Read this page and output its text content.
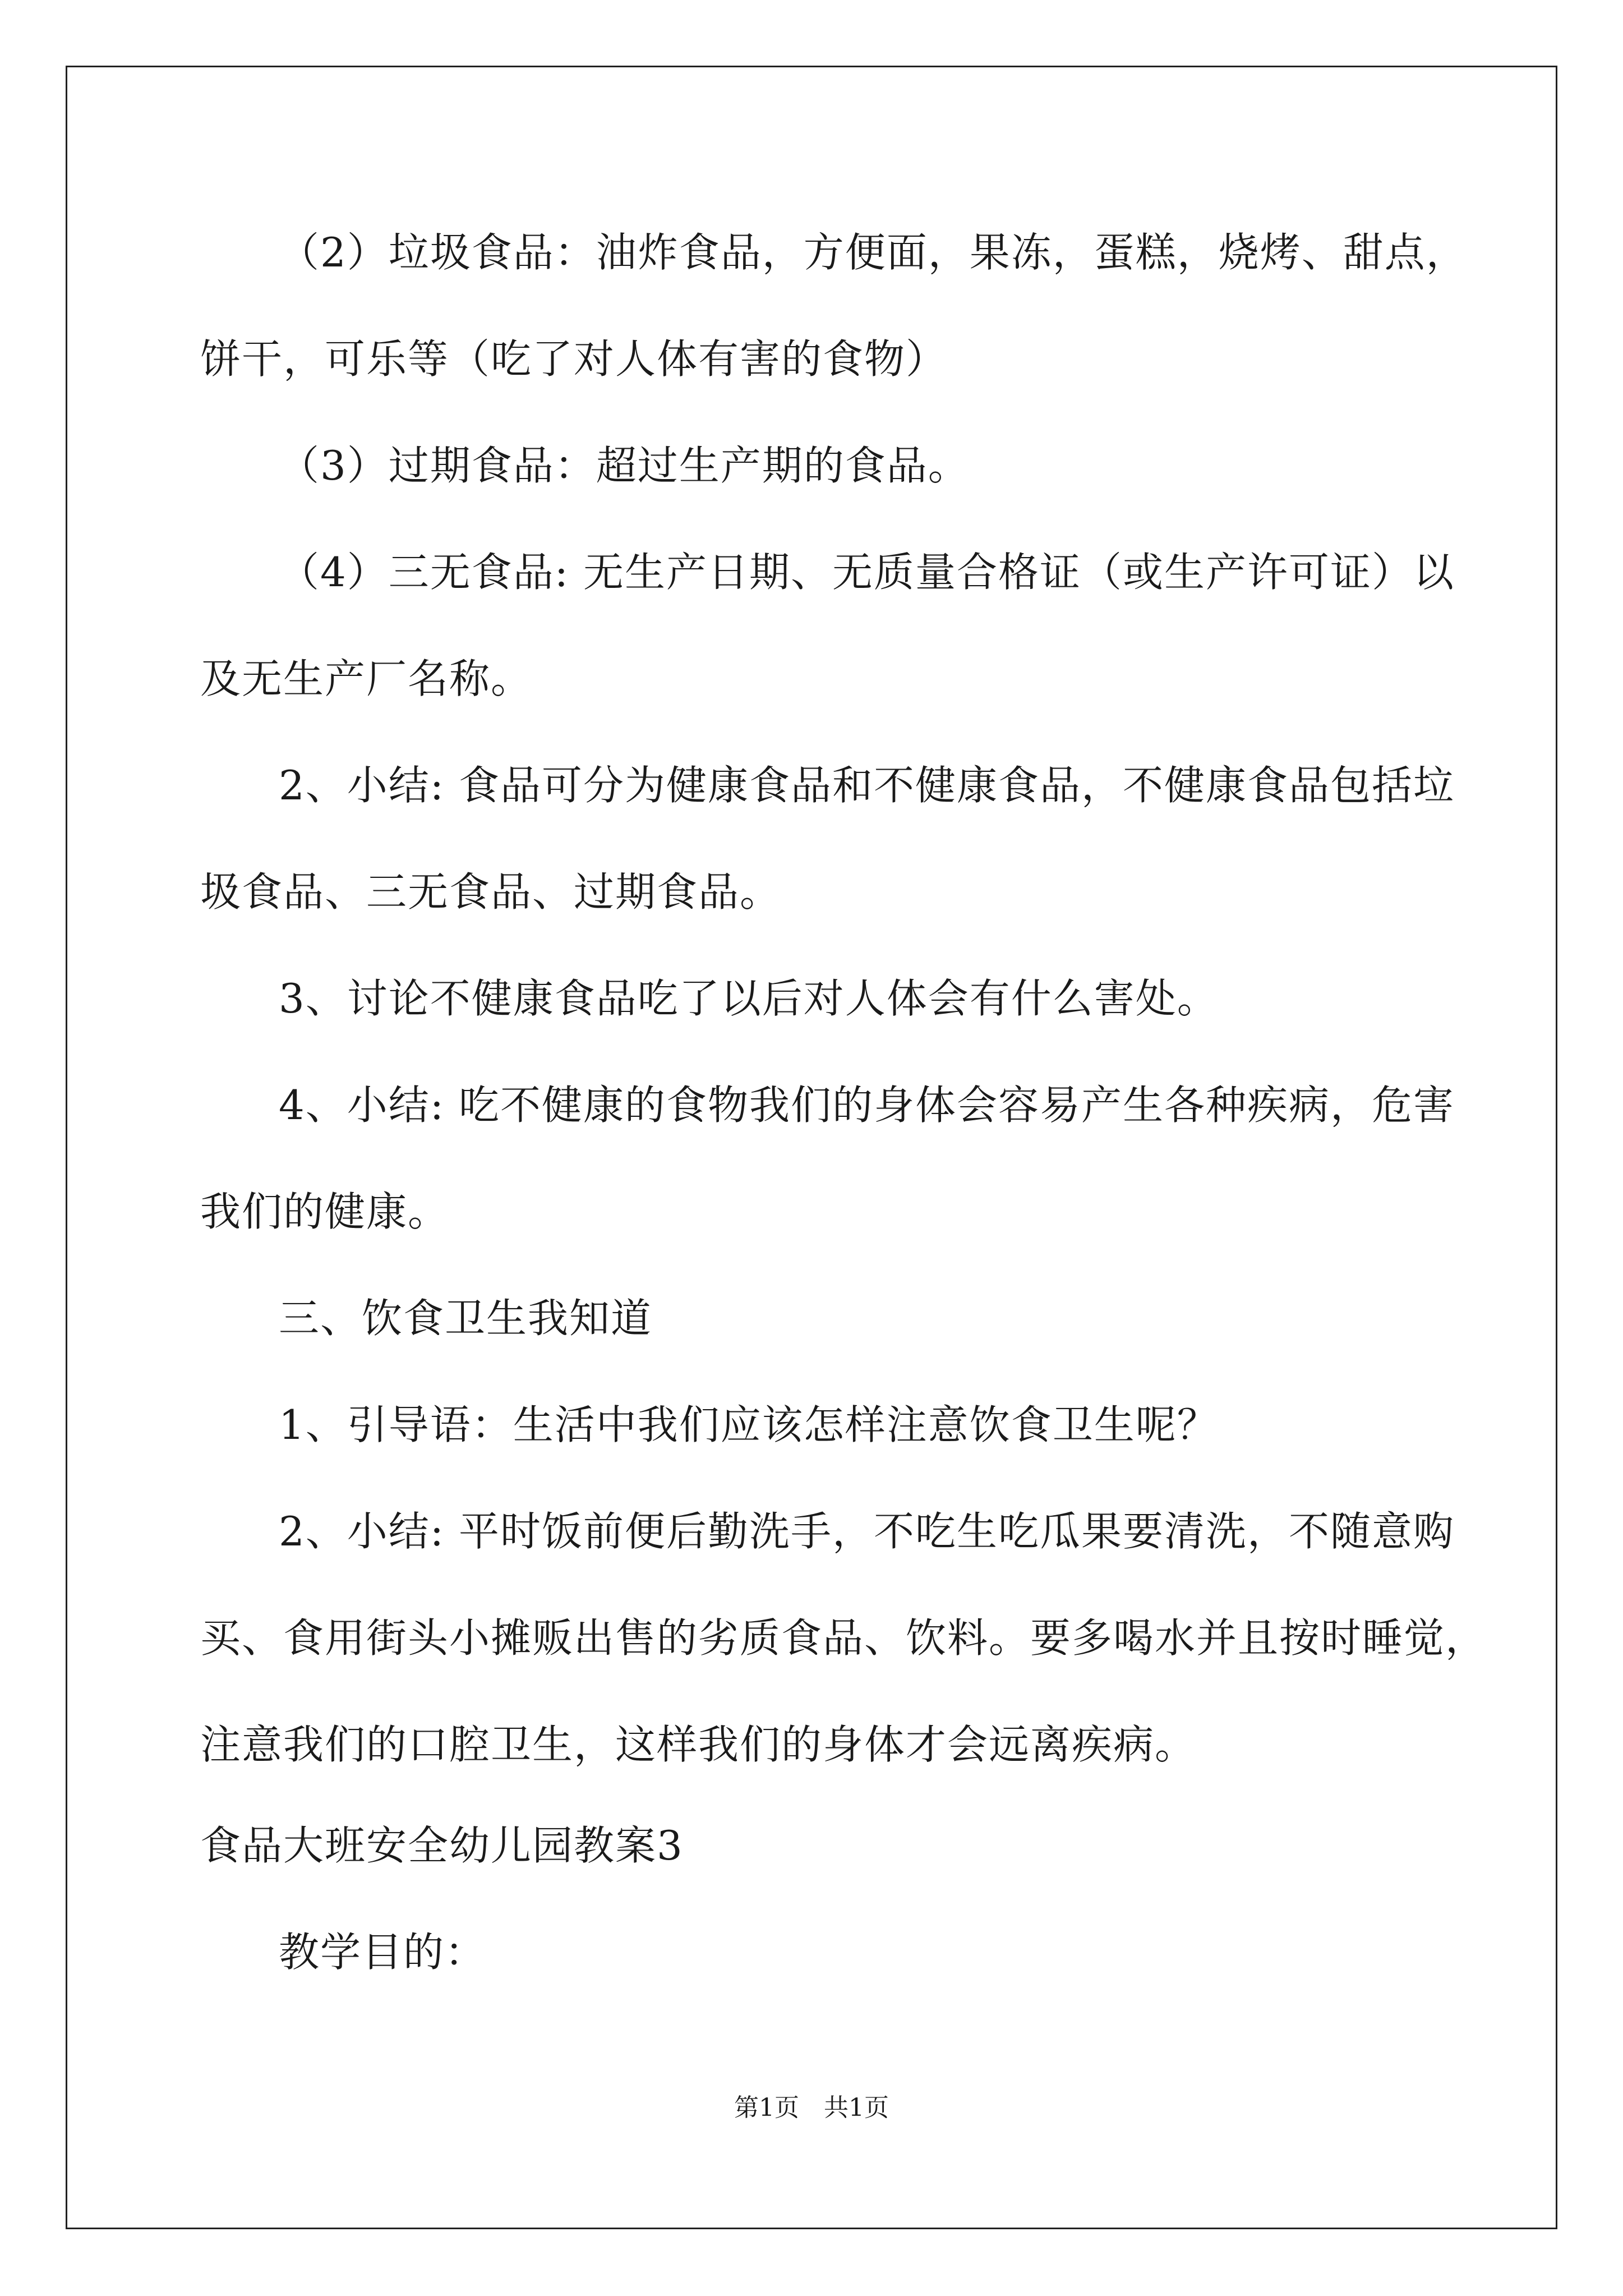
（2）垃圾食品：油炸食品，方便面，果冻，蛋糕，烧烤、甜点，
饼干，可乐等（吃了对人体有害的食物）
（3）过期食品：超过生产期的食品。
（4）三无食品: 无生产日期、无质量合格证（或生产许可证）以
及无生产厂名称。
2、小结: 食品可分为健康食品和不健康食品，不健康食品包括垃
圾食品、三无食品、过期食品。
3、讨论不健康食品吃了以后对人体会有什么害处。
4、小结: 吃不健康的食物我们的身体会容易产生各种疾病，危害
我们的健康。
三、饮食卫生我知道
1、引导语：生活中我们应该怎样注意饮食卫生呢？
2、小结: 平时饭前便后勤洗手，不吃生吃瓜果要清洗，不随意购
买、食用街头小摊贩出售的劣质食品、饮料。要多喝水并且按时睡觉，
注意我们的口腔卫生，这样我们的身体才会远离疾病。
食品大班安全幼儿园教案3
教学目的：
第1页　共1页
